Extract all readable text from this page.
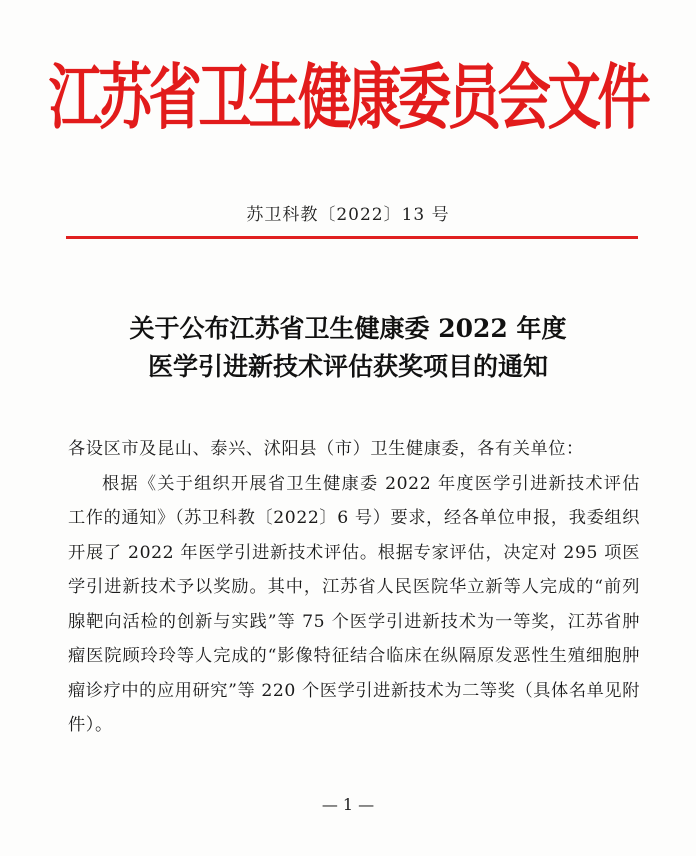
江苏省卫生健康委员会文件
苏卫科教〔2022〕13 号
关于公布江苏省卫生健康委 2022 年度
医学引进新技术评估获奖项目的通知
各设区市及昆山、泰兴、沭阳县（市）卫生健康委，各有关单位：

根据《关于组织开展省卫生健康委 2022 年度医学引进新技术评估工作的通知》（苏卫科教〔2022〕6 号）要求，经各单位申报，我委组织开展了 2022 年医学引进新技术评估。根据专家评估，决定对 295 项医学引进新技术予以奖励。其中，江苏省人民医院华立新等人完成的“前列腺靶向活检的创新与实践”等 75 个医学引进新技术为一等奖，江苏省肿瘤医院顾玲玲等人完成的“影像特征结合临床在纵隔原发恶性生殖细胞肿瘤诊疗中的应用研究”等 220 个医学引进新技术为二等奖（具体名单见附件）。

— 1 —
